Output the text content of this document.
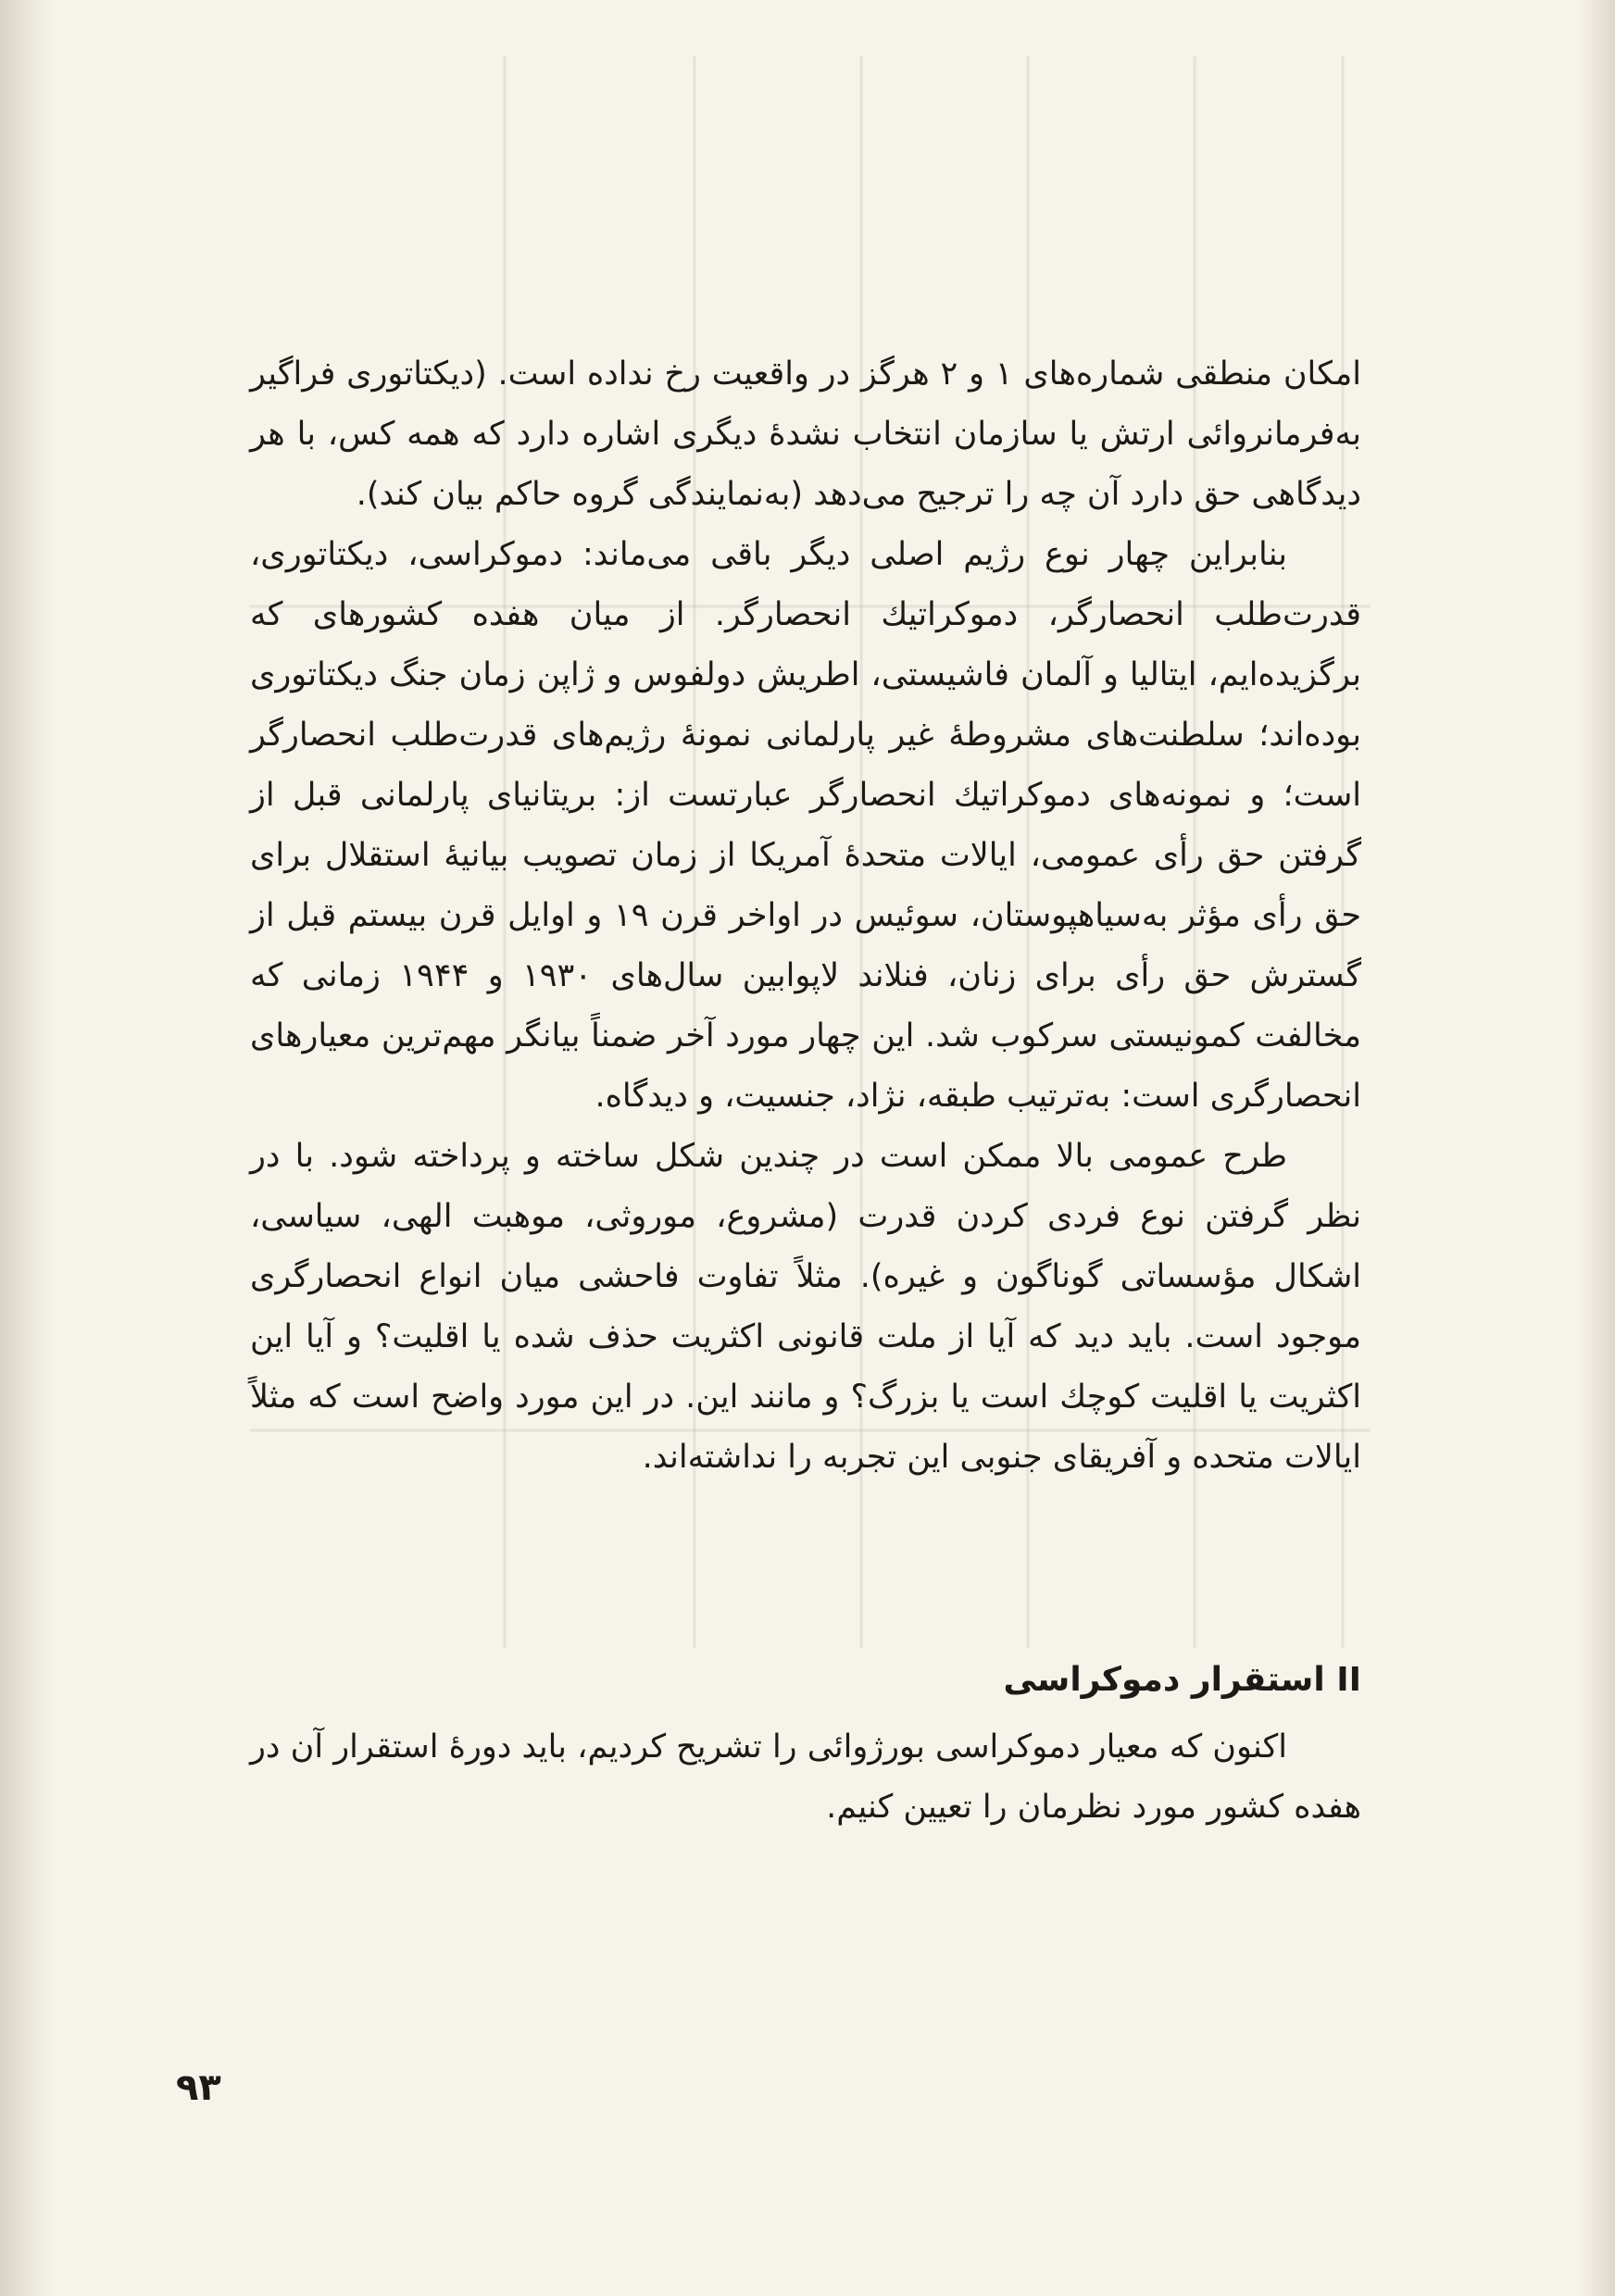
امکان منطقی شماره‌های ۱ و ۲ هرگز در واقعیت رخ نداده است. (دیکتاتوری فراگیر به‌فرمانروائی ارتش یا سازمان انتخاب نشدهٔ دیگری اشاره دارد که همه کس، با هر دیدگاهی حق دارد آن چه را ترجیح می‌دهد (به‌نمایندگی گروه حاکم بیان کند).

بنابراین چهار نوع رژیم اصلی دیگر باقی می‌ماند: دموکراسی، دیکتاتوری، قدرت‌طلب انحصارگر، دموکراتیك انحصارگر. از میان هفده کشورهای که برگزیده‌ایم، ایتالیا و آلمان فاشیستی، اطریش دولفوس و ژاپن زمان جنگ دیکتاتوری بوده‌اند؛ سلطنت‌های مشروطهٔ غیر پارلمانی نمونهٔ رژیم‌های قدرت‌طلب انحصارگر است؛ و نمونه‌های دموکراتیك انحصارگر عبارتست از: بریتانیای پارلمانی قبل از گرفتن حق رأی عمومی، ایالات متحدهٔ آمریکا از زمان تصویب بیانیهٔ استقلال برای حق رأی مؤثر به‌سیاهپوستان، سوئیس در اواخر قرن ۱۹ و اوایل قرن بیستم قبل از گسترش حق رأی برای زنان، فنلاند لاپوابین سال‌های ۱۹۳۰ و ۱۹۴۴ زمانی که مخالفت کمونیستی سرکوب شد. این چهار مورد آخر ضمناً بیانگر مهم‌ترین معیارهای انحصارگری است: به‌ترتیب طبقه، نژاد، جنسیت، و دیدگاه.

طرح عمومی بالا ممکن است در چندین شکل ساخته و پرداخته شود. با در نظر گرفتن نوع فردی کردن قدرت (مشروع، موروثی، موهبت الهی، سیاسی، اشکال مؤسساتی گوناگون و غیره). مثلاً تفاوت فاحشی میان انواع انحصارگری موجود است. باید دید که آیا از ملت قانونی اکثریت حذف شده یا اقلیت؟ و آیا این اکثریت یا اقلیت کوچك است یا بزرگ؟ و مانند این. در این مورد واضح است که مثلاً ایالات متحده و آفریقای جنوبی این تجربه را نداشته‌اند.

II استقرار دموکراسی

اکنون که معیار دموکراسی بورژوائی را تشریح کردیم، باید دورهٔ استقرار آن در هفده کشور مورد نظرمان را تعیین کنیم.

۹۳
